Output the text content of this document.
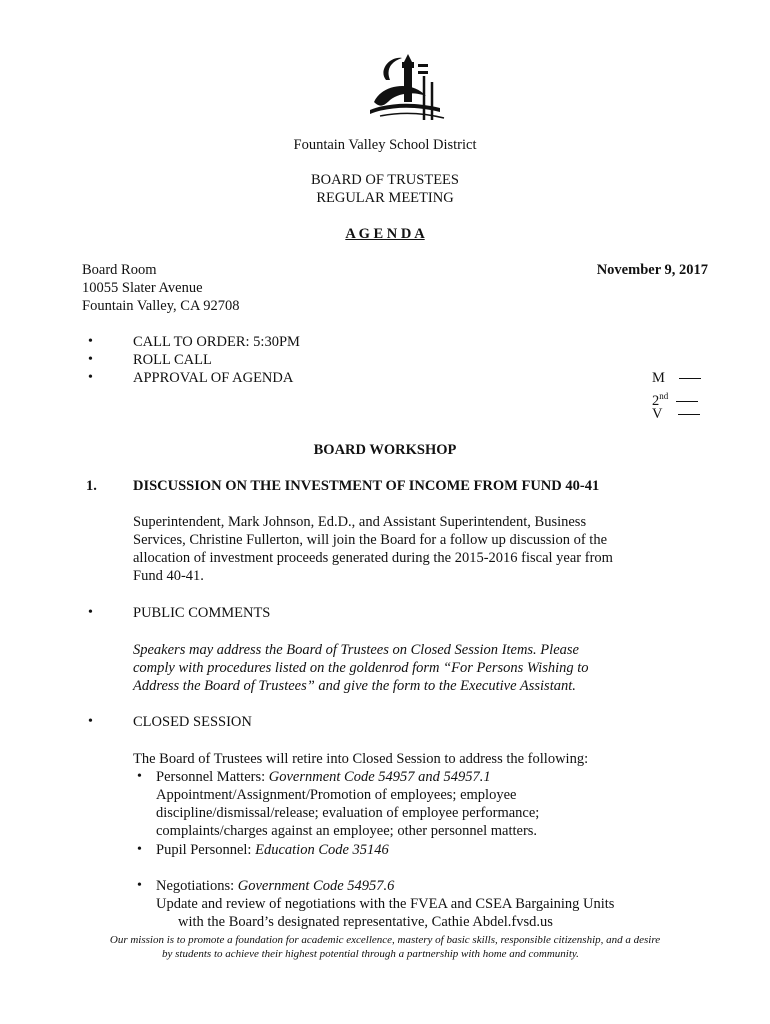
Fountain Valley School District
BOARD OF TRUSTEES
REGULAR MEETING
A G E N D A
Board Room
10055 Slater Avenue
Fountain Valley, CA 92708
November 9, 2017
•	CALL TO ORDER: 5:30PM
•	ROLL CALL
•	APPROVAL OF AGENDA	M
2nd
V
BOARD WORKSHOP
1. DISCUSSION ON THE INVESTMENT OF INCOME FROM FUND 40-41
Superintendent, Mark Johnson, Ed.D., and Assistant Superintendent, Business
Services, Christine Fullerton, will join the Board for a follow up discussion of the
allocation of investment proceeds generated during the 2015-2016 fiscal year from
Fund 40-41.
•	PUBLIC COMMENTS
Speakers may address the Board of Trustees on Closed Session Items. Please
comply with procedures listed on the goldenrod form “For Persons Wishing to
Address the Board of Trustees” and give the form to the Executive Assistant.
•	CLOSED SESSION
The Board of Trustees will retire into Closed Session to address the following:
• Personnel Matters: Government Code 54957 and 54957.1
Appointment/Assignment/Promotion of employees; employee
discipline/dismissal/release; evaluation of employee performance;
complaints/charges against an employee; other personnel matters.
• Pupil Personnel: Education Code 35146
• Negotiations: Government Code 54957.6
Update and review of negotiations with the FVEA and CSEA Bargaining Units
with the Board’s designated representative, Cathie Abdel.fvsd.us
Our mission is to promote a foundation for academic excellence, mastery of basic skills, responsible citizenship, and a desire
by students to achieve their highest potential through a partnership with home and community.
